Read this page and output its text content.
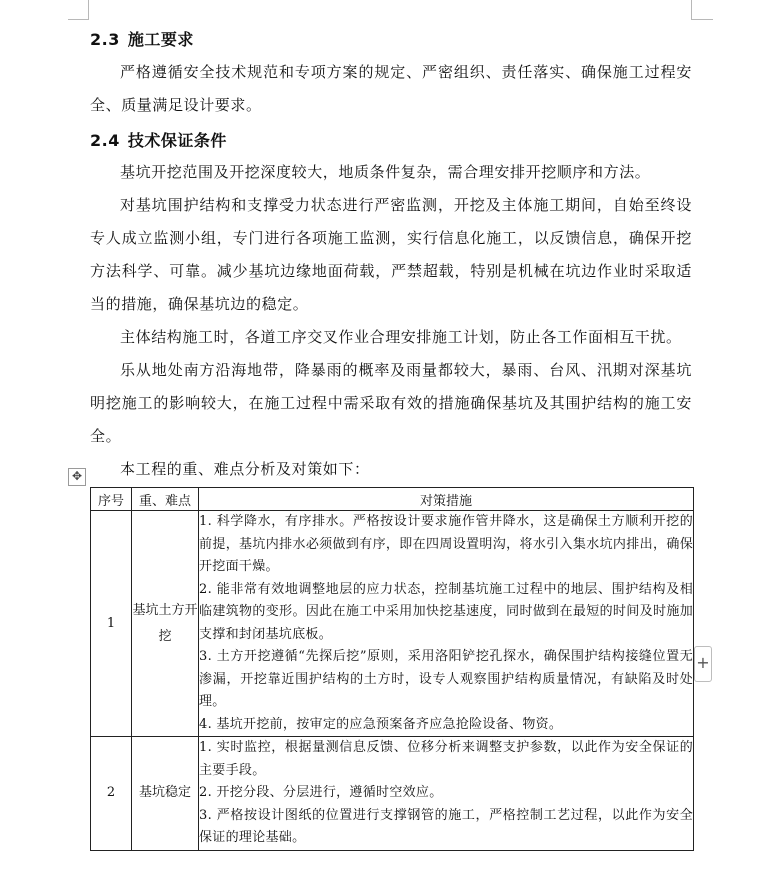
2.3 施工要求

严格遵循安全技术规范和专项方案的规定、严密组织、责任落实、确保施工过程安全、质量满足设计要求。

2.4 技术保证条件

基坑开挖范围及开挖深度较大，地质条件复杂，需合理安排开挖顺序和方法。

对基坑围护结构和支撑受力状态进行严密监测，开挖及主体施工期间，自始至终设专人成立监测小组，专门进行各项施工监测，实行信息化施工，以反馈信息，确保开挖方法科学、可靠。减少基坑边缘地面荷载，严禁超载，特别是机械在坑边作业时采取适当的措施，确保基坑边的稳定。

主体结构施工时，各道工序交叉作业合理安排施工计划，防止各工作面相互干扰。

乐从地处南方沿海地带，降暴雨的概率及雨量都较大，暴雨、台风、汛期对深基坑明挖施工的影响较大，在施工过程中需采取有效的措施确保基坑及其围护结构的施工安全。

本工程的重、难点分析及对策如下：

✥
+
序号	重、难点	对策措施
1	基坑土方开挖	1. 科学降水，有序排水。严格按设计要求施作管井降水，这是确保土方顺利开挖的前提，基坑内排水必须做到有序，即在四周设置明沟，将水引入集水坑内排出，确保开挖面干燥。
2. 能非常有效地调整地层的应力状态，控制基坑施工过程中的地层、围护结构及相临建筑物的变形。因此在施工中采用加快挖基速度，同时做到在最短的时间及时施加支撑和封闭基坑底板。
3. 土方开挖遵循“先探后挖”原则，采用洛阳铲挖孔探水，确保围护结构接缝位置无渗漏，开挖靠近围护结构的土方时，设专人观察围护结构质量情况，有缺陷及时处理。
4. 基坑开挖前，按审定的应急预案备齐应急抢险设备、物资。

2	基坑稳定	1. 实时监控，根据量测信息反馈、位移分析来调整支护参数，以此作为安全保证的主要手段。
2. 开挖分段、分层进行，遵循时空效应。
3. 严格按设计图纸的位置进行支撑钢管的施工，严格控制工艺过程，以此作为安全保证的理论基础。
